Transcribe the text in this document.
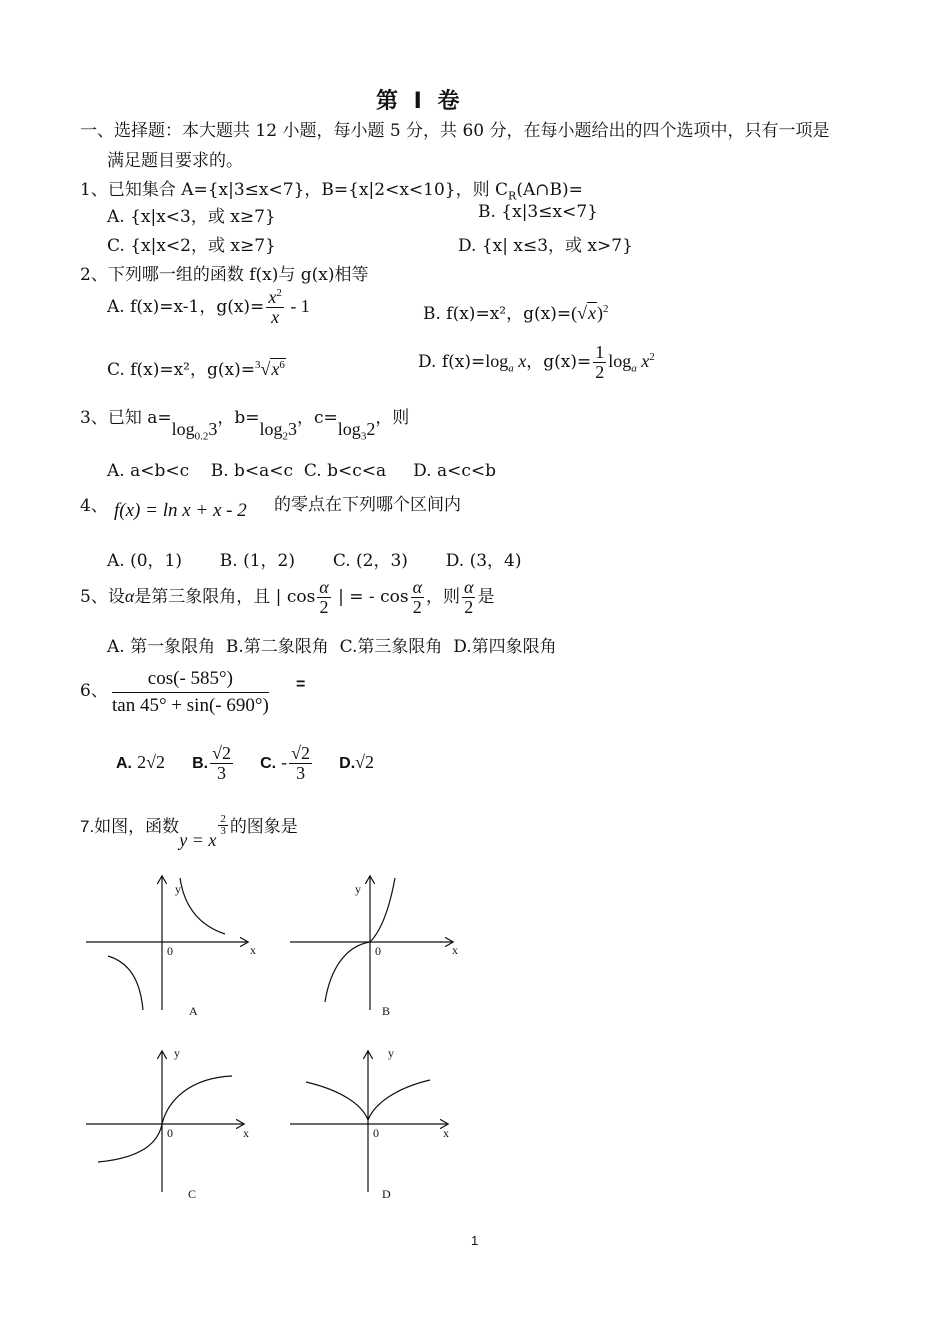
第 Ⅰ 卷
一、选择题：本大题共 12 小题，每小题 5 分，共 60 分，在每小题给出的四个选项中，只有一项是
满足题目要求的。
1、已知集合 A={x|3≤x<7}，B={x|2<x<10}，则 $C_R(A\cap B)=$
A. {x|x<3，或 x≥7}	B. {x|3≤x<7}
C. {x|x<2，或 x≥7}	D. {x| x≤3，或 x>7}
2、下列哪一组的函数 f(x)与 g(x)相等
A. f(x)=x-1，$g(x)= \frac{x^2}{x} - 1$	B. f(x)=x²，$g(x)=(√x)^2$
C. f(x)=x²，$g(x)=^3√x^6$	D. $f(x)=\log_a$ x，$g(x)= \frac{1}{2} \log_a x^2$
3、已知 $a=\log_{0.2}3$，$b=\log_23$，$c=\log_32$，则
A. a<b<c    B. b<a<c  C. b<c<a     D. a<c<b
4、 f(x) = ln x + x - 2 的零点在下列哪个区间内
A. (0，1)       B. (1，2)       C. (2，3)       D. (3，4)
5、设α是第三象限角，且 | $\cos \frac{\alpha}{2}$ | = - $\cos \frac{\alpha}{2}$ ，则 $\frac{\alpha}{2}$ 是
A. 第一象限角  B.第二象限角  C.第三象限角  D.第四象限角
6、 $\frac{\cos(- 585^\circ)}{\tan 45^\circ + \sin(- 690^\circ)}$ =
A. 2√2 B. $\frac{√2}{3} C$. - $\frac{√2}{3} D.√2$
7.如图，函数y = x
$\frac{2}{3}$ 的图象是
y
0	x
A
y
0	x
B
y
0	x
C
y
0	x
D
1
